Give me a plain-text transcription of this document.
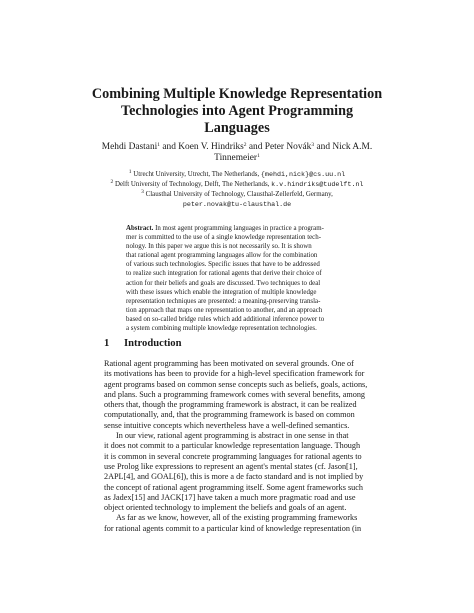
Combining Multiple Knowledge Representation
Technologies into Agent Programming
Languages
Mehdi Dastani$^1$ and Koen V. Hindriks$^2$ and Peter Novák$^3$ and Nick A.M.
Tinnemeier$^1$
$^1$ Utrecht University, Utrecht, The Netherlands, {mehdi,nick}@cs.uu.nl
$^2$ Delft University of Technology, Delft, The Netherlands, k.v.hindriks@tudelft.nl
$^3$ Clausthal University of Technology, Clausthal-Zellerfeld, Germany,
peter.novak@tu-clausthal.de
Abstract. In most agent programming languages in practice a program-
mer is committed to the use of a single knowledge representation tech-
nology. In this paper we argue this is not necessarily so. It is shown
that rational agent programming languages allow for the combination
of various such technologies. Specific issues that have to be addressed
to realize such integration for rational agents that derive their choice of
action for their beliefs and goals are discussed. Two techniques to deal
with these issues which enable the integration of multiple knowledge
representation techniques are presented: a meaning-preserving transla-
tion approach that maps one representation to another, and an approach
based on so-called bridge rules which add additional inference power to
a system combining multiple knowledge representation technologies.
1 Introduction
Rational agent programming has been motivated on several grounds. One of
its motivations has been to provide for a high-level specification framework for
agent programs based on common sense concepts such as beliefs, goals, actions,
and plans. Such a programming framework comes with several benefits, among
others that, though the programming framework is abstract, it can be realized
computationally, and, that the programming framework is based on common
sense intuitive concepts which nevertheless have a well-defined semantics.
In our view, rational agent programming is abstract in one sense in that
it does not commit to a particular knowledge representation language. Though
it is common in several concrete programming languages for rational agents to
use Prolog like expressions to represent an agent's mental states (cf. Jason[1],
2APL[4], and GOAL[6]), this is more a de facto standard and is not implied by
the concept of rational agent programming itself. Some agent frameworks such
as Jadex[15] and JACK[17] have taken a much more pragmatic road and use
object oriented technology to implement the beliefs and goals of an agent.
As far as we know, however, all of the existing programming frameworks
for rational agents commit to a particular kind of knowledge representation (in
